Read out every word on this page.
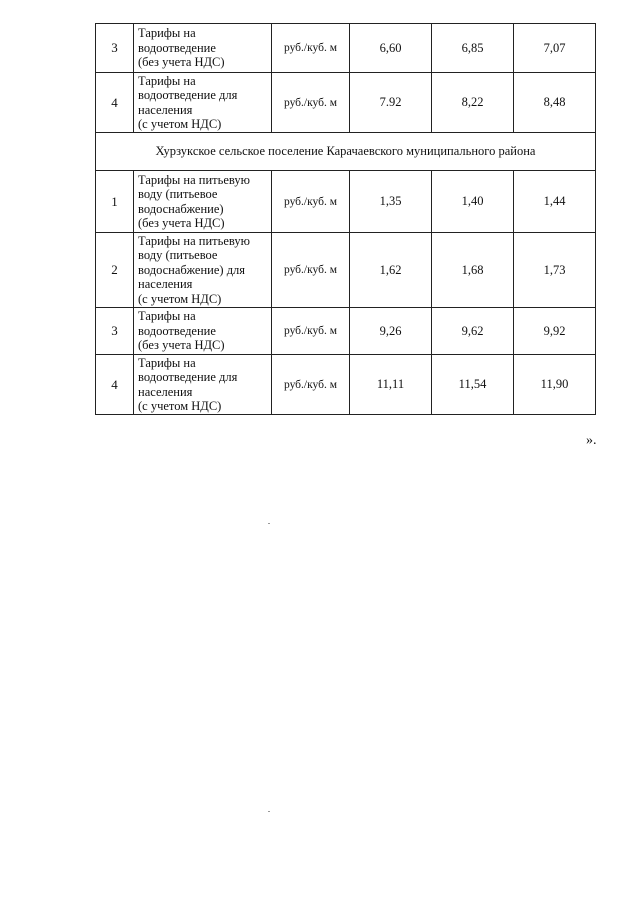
3	Тарифы на
водоотведение
(без учета НДС)	руб./куб. м	6,60	6,85	7,07
4	Тарифы на
водоотведение для
населения
(с учетом НДС)	руб./куб. м	7.92	8,22	8,48
Хурзукское сельское поселение Карачаевского муниципального района					
1	Тарифы на питьевую
воду (питьевое
водоснабжение)
(без учета НДС)	руб./куб. м	1,35	1,40	1,44
2	Тарифы на питьевую
воду (питьевое
водоснабжение) для
населения
(с учетом НДС)	руб./куб. м	1,62	1,68	1,73
3	Тарифы на
водоотведение
(без учета НДС)	руб./куб. м	9,26	9,62	9,92
4	Тарифы на
водоотведение для
населения
(с учетом НДС)	руб./куб. м	11,11	11,54	11,90
».
